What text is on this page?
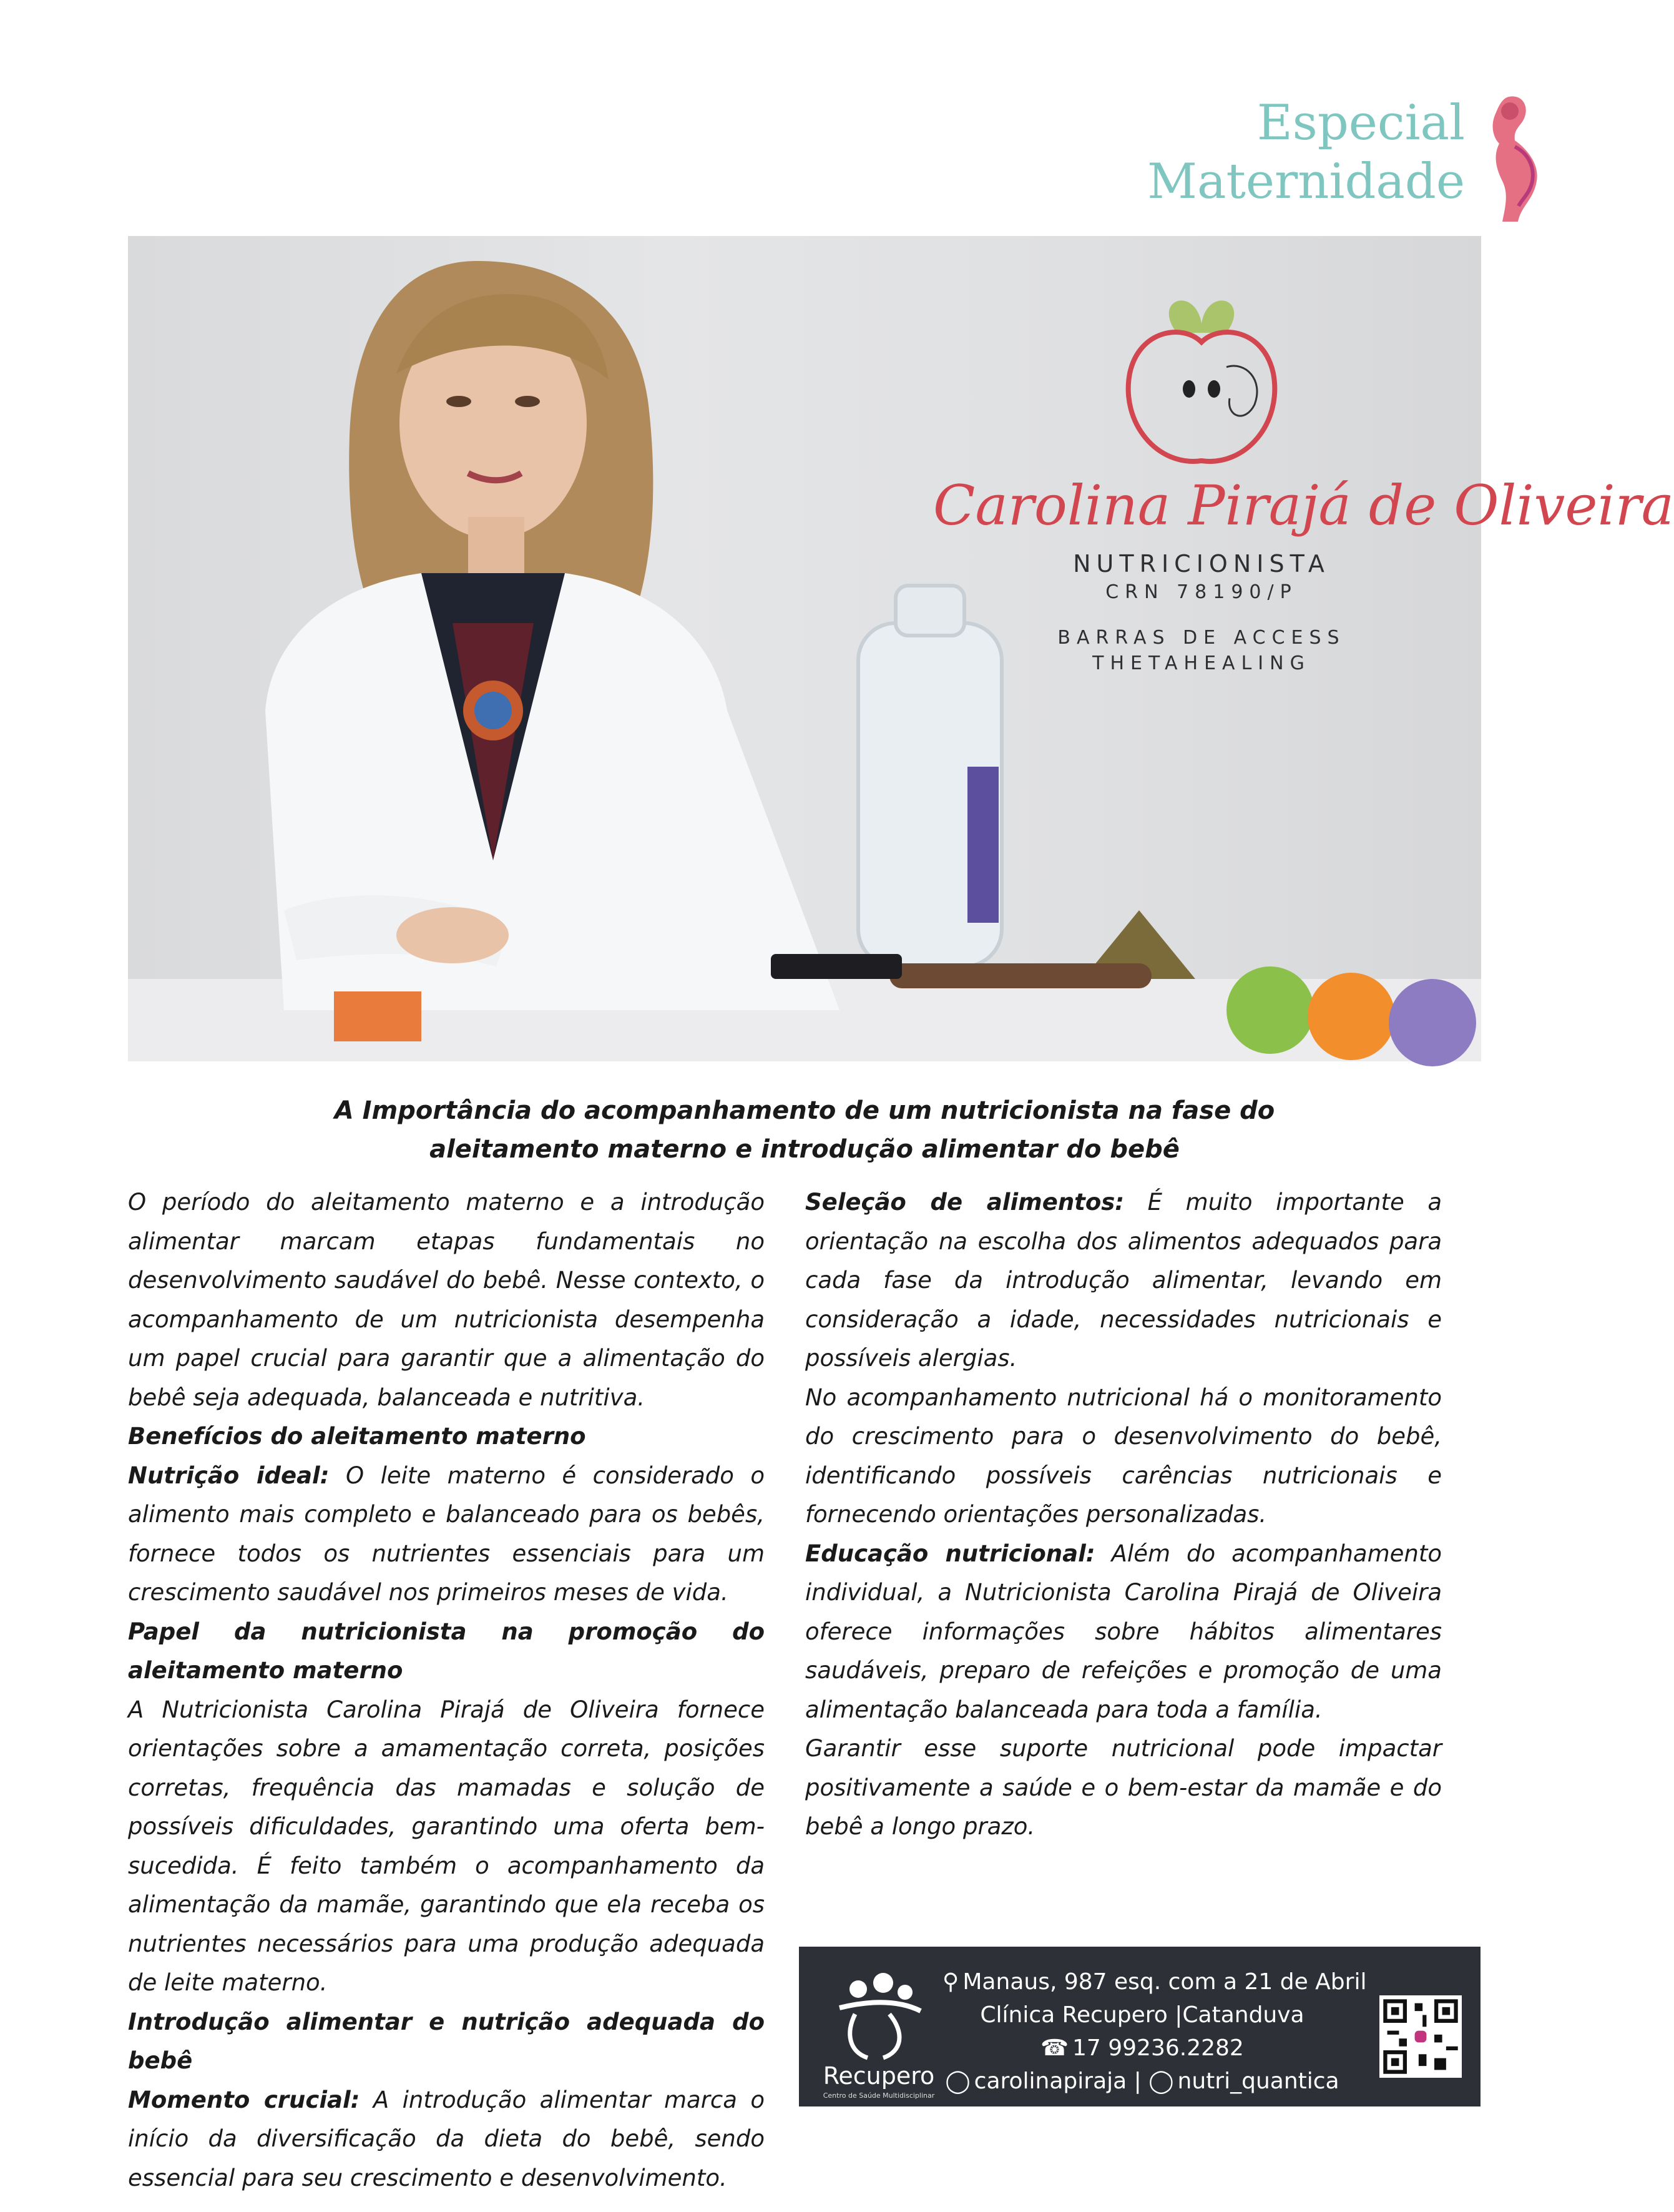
Especial
Maternidade
Carolina Pirajá de Oliveira
NUTRICIONISTA
CRN 78190/P
BARRAS DE ACCESS
THETAHEALING
A Importância do acompanhamento de um nutricionista na fase do
aleitamento materno e introdução alimentar do bebê

O período do aleitamento materno e a introdução alimentar marcam etapas fundamentais no desenvolvimento saudável do bebê. Nesse contexto, o acompanhamento de um nutricionista desempenha um papel crucial para garantir que a alimentação do bebê seja adequada, balanceada e nutritiva.

Benefícios do aleitamento materno

Nutrição ideal: O leite materno é considerado o alimento mais completo e balanceado para os bebês, fornece todos os nutrientes essenciais para um crescimento saudável nos primeiros meses de vida.

Papel da nutricionista na promoção do aleitamento materno

A Nutricionista Carolina Pirajá de Oliveira fornece orientações sobre a amamentação correta, posições corretas, frequência das mamadas e solução de possíveis dificuldades, garantindo uma oferta bem-sucedida. É feito também o acompanhamento da alimentação da mamãe, garantindo que ela receba os nutrientes necessários para uma produção adequada de leite materno.

Introdução alimentar e nutrição adequada do bebê

Momento crucial: A introdução alimentar marca o início da diversificação da dieta do bebê, sendo essencial para seu crescimento e desenvolvimento.

Seleção de alimentos: É muito importante a orientação na escolha dos alimentos adequados para cada fase da introdução alimentar, levando em consideração a idade, necessidades nutricionais e possíveis alergias.

No acompanhamento nutricional há o monitoramento do crescimento para o desenvolvimento do bebê, identificando possíveis carências nutricionais e fornecendo orientações personalizadas.

Educação nutricional: Além do acompanhamento individual, a Nutricionista Carolina Pirajá de Oliveira oferece informações sobre hábitos alimentares saudáveis, preparo de refeições e promoção de uma alimentação balanceada para toda a família.

Garantir esse suporte nutricional pode impactar positivamente a saúde e o bem-estar da mamãe e do bebê a longo prazo.

Recupero
Centro de Saúde Multidisciplinar
⚲ Manaus, 987 esq. com a 21 de Abril
Clínica Recupero |Catanduva
☎ 17 99236.2282
◯ carolinapiraja | ◯ nutri_quantica
